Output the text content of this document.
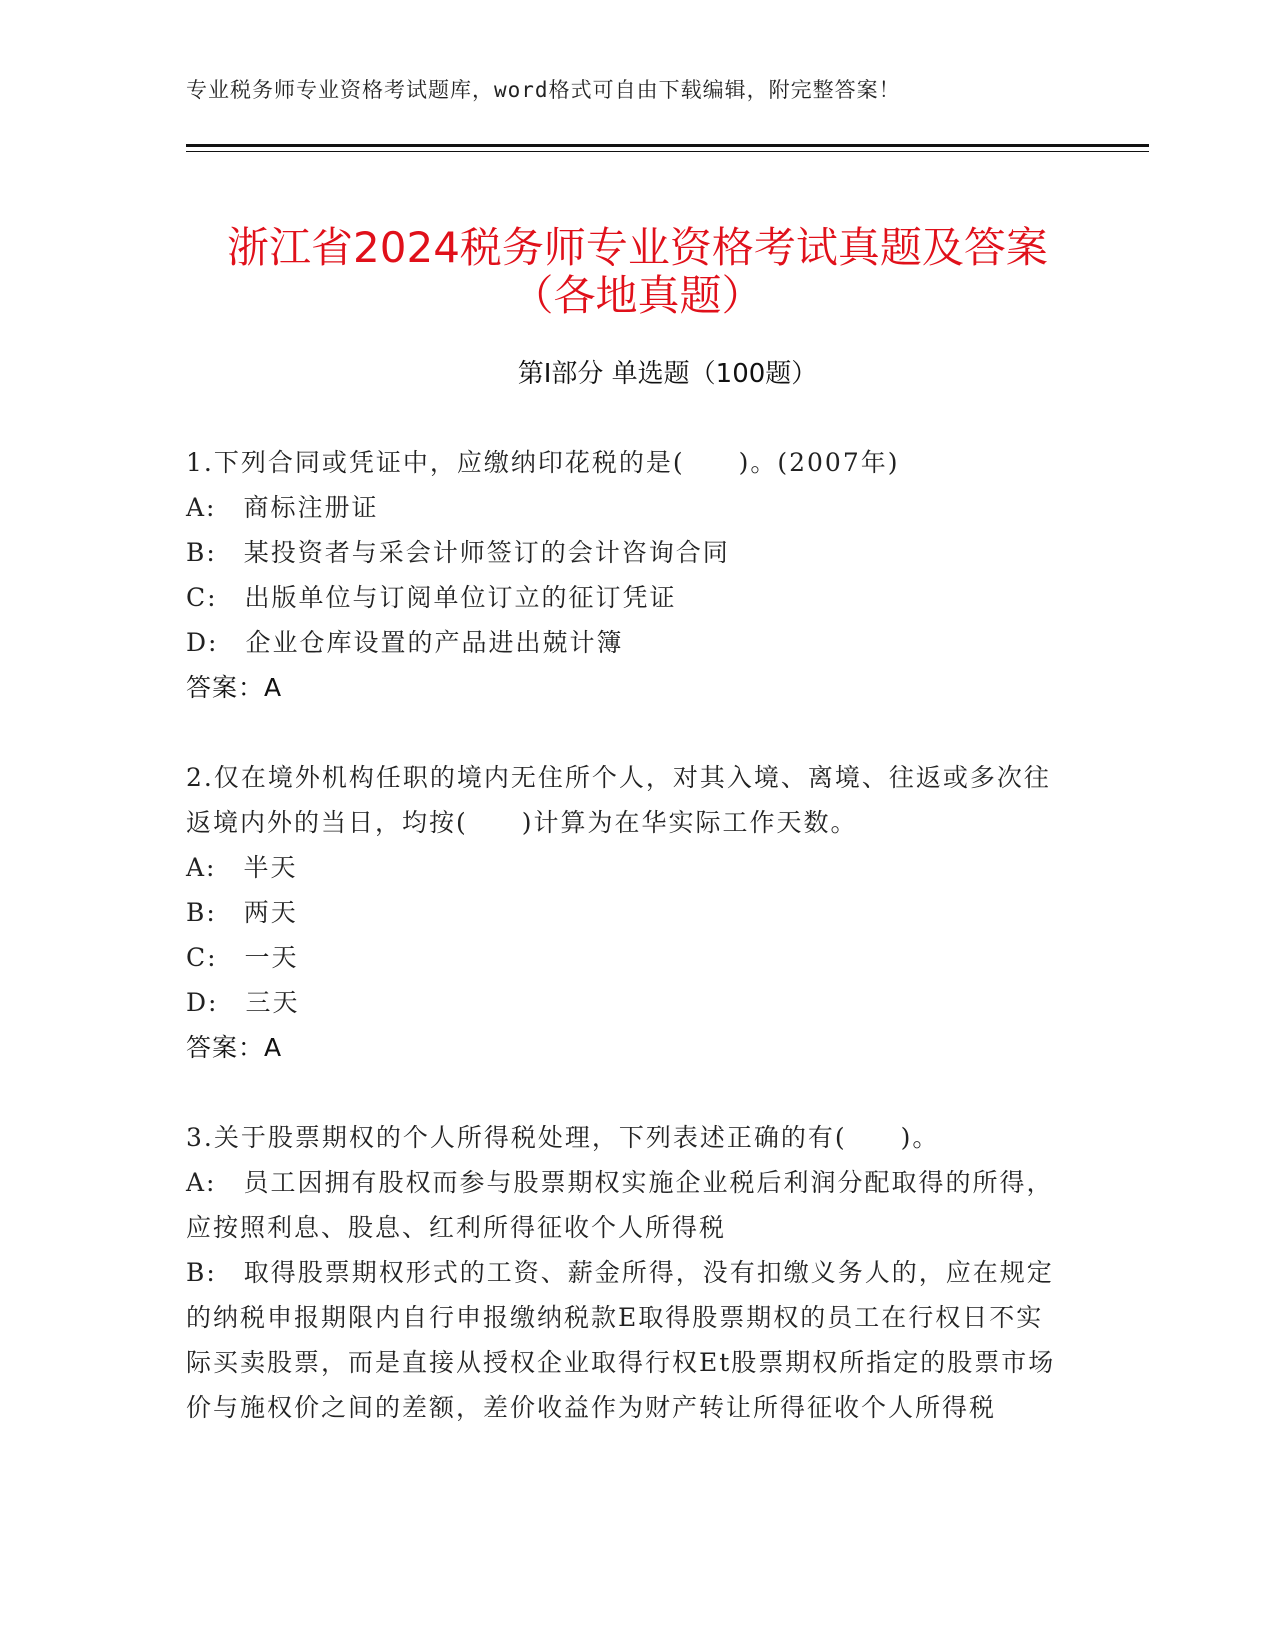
专业税务师专业资格考试题库，word格式可自由下载编辑，附完整答案！
浙江省2024税务师专业资格考试真题及答案
（各地真题）
第Ⅰ部分 单选题（100题）
1.下列合同或凭证中，应缴纳印花税的是(　　)。(2007年)
A:　商标注册证
B:　某投资者与采会计师签订的会计咨询合同
C:　出版单位与订阅单位订立的征订凭证
D:　企业仓库设置的产品进出兢计簿
答案：A
2.仅在境外机构任职的境内无住所个人，对其入境、离境、往返或多次往返境内外的当日，均按(　　)计算为在华实际工作天数。
A:　半天
B:　两天
C:　一天
D:　三天
答案：A
3.关于股票期权的个人所得税处理，下列表述正确的有(　　)。
A:　员工因拥有股权而参与股票期权实施企业税后利润分配取得的所得，应按照利息、股息、红利所得征收个人所得税
B:　取得股票期权形式的工资、薪金所得，没有扣缴义务人的，应在规定的纳税申报期限内自行申报缴纳税款E取得股票期权的员工在行权日不实际买卖股票，而是直接从授权企业取得行权Et股票期权所指定的股票市场价与施权价之间的差额，差价收益作为财产转让所得征收个人所得税
